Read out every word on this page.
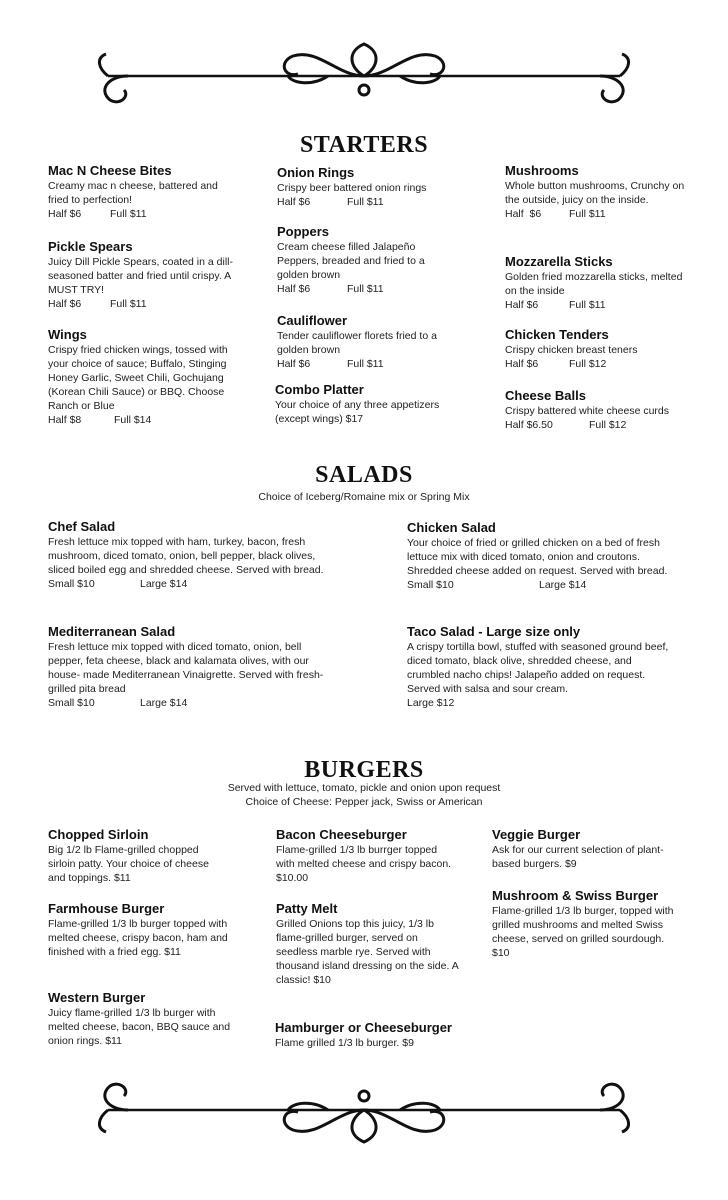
STARTERS
Mac N Cheese Bites
Creamy mac n cheese, battered and fried to perfection!
Half $6	Full $11
Pickle Spears
Juicy Dill Pickle Spears, coated in a dill-seasoned batter and fried until crispy. A MUST TRY!
Half $6	Full $11
Wings
Crispy fried chicken wings, tossed with your choice of sauce; Buffalo, Stinging Honey Garlic, Sweet Chili, Gochujang (Korean Chili Sauce) or BBQ. Choose Ranch or Blue
Half $8	Full $14
Onion Rings
Crispy beer battered onion rings
Half $6	Full $11
Poppers
Cream cheese filled Jalapeño Peppers, breaded and fried to a golden brown
Half $6	Full $11
Cauliflower
Tender cauliflower florets fried to a golden brown
Half $6	Full $11
Combo Platter
Your choice of any three appetizers (except wings) $17
Mushrooms
Whole button mushrooms, Crunchy on the outside, juicy on the inside.
Half  $6	Full $11
Mozzarella Sticks
Golden fried mozzarella sticks, melted on the inside
Half $6	Full $11
Chicken Tenders
Crispy chicken breast teners
Half $6	Full $12
Cheese Balls
Crispy battered white cheese curds
Half $6.50	Full $12
SALADS
Choice of Iceberg/Romaine mix or Spring Mix
Chef Salad
Fresh lettuce mix topped with ham, turkey, bacon, fresh mushroom, diced tomato, onion, bell pepper, black olives, sliced boiled egg and shredded cheese. Served with bread.
Small $10	Large $14
Mediterranean Salad
Fresh lettuce mix topped with diced tomato, onion, bell pepper, feta cheese, black and kalamata olives, with our house- made Mediterranean Vinaigrette. Served with fresh-grilled pita bread
Small $10	Large $14
Chicken Salad
Your choice of fried or grilled chicken on a bed of fresh lettuce mix with diced tomato, onion and croutons. Shredded cheese added on request. Served with bread.
Small $10	Large $14
Taco Salad - Large size only
A crispy tortilla bowl, stuffed with seasoned ground beef, diced tomato, black olive, shredded cheese, and crumbled nacho chips! Jalapeño added on request. Served with salsa and sour cream.
Large $12
BURGERS
Served with lettuce, tomato, pickle and onion upon request
Choice of Cheese: Pepper jack, Swiss or American
Chopped Sirloin
Big 1/2 lb Flame-grilled chopped sirloin patty. Your choice of cheese and toppings. $11
Farmhouse Burger
Flame-grilled 1/3 lb burger topped with melted cheese, crispy bacon, ham and finished with a fried egg. $11
Western Burger
Juicy flame-grilled 1/3 lb burger with melted cheese, bacon, BBQ sauce and onion rings. $11
Bacon Cheeseburger
Flame-grilled 1/3 lb burrger topped with melted cheese and crispy bacon. $10.00
Patty Melt
Grilled Onions top this juicy, 1/3 lb flame-grilled burger, served on seedless marble rye. Served with thousand island dressing on the side. A classic! $10
Hamburger or Cheeseburger
Flame grilled 1/3 lb burger. $9
Veggie Burger
Ask for our current selection of plant-based burgers. $9
Mushroom & Swiss Burger
Flame-grilled 1/3 lb burger, topped with grilled mushrooms and melted Swiss cheese, served on grilled sourdough. $10
